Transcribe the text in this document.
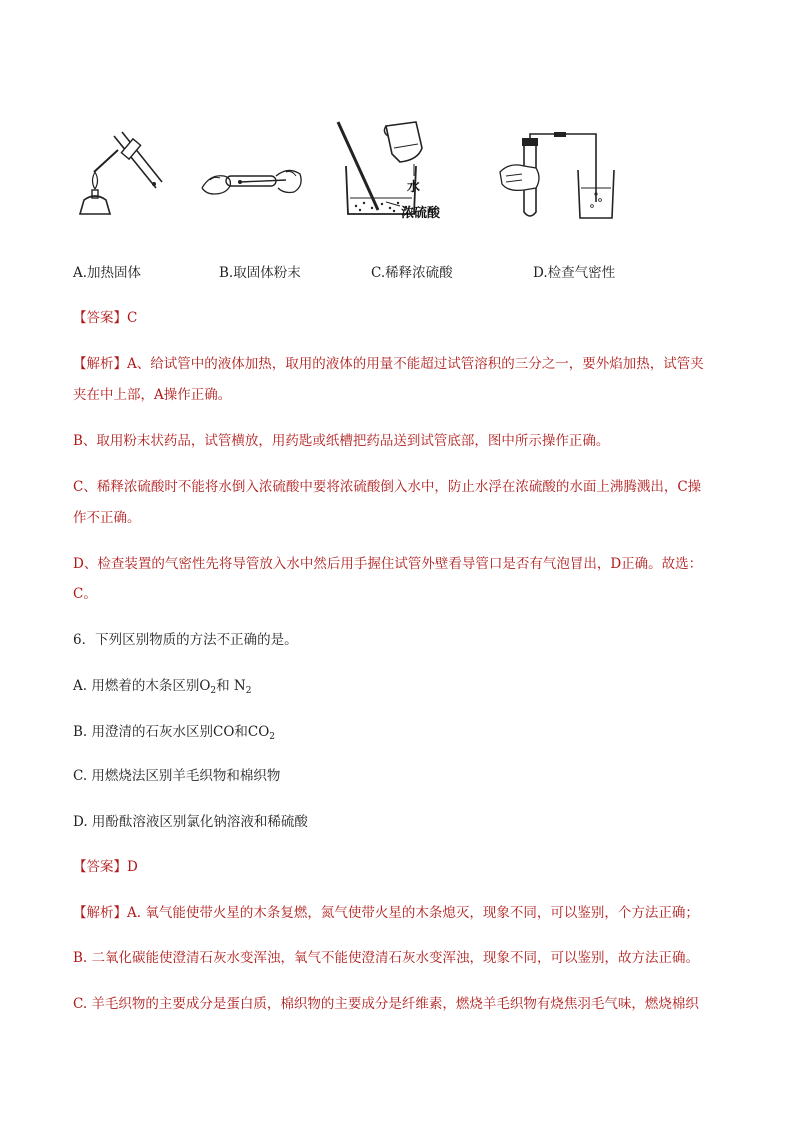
水
浓硫酸
A.加热固体	B.取固体粉末	C.稀释浓硫酸	D.检查气密性
【答案】C
【解析】A、给试管中的液体加热，取用的液体的用量不能超过试管溶积的三分之一，要外焰加热，试管夹
夹在中上部，A操作正确。
B、取用粉末状药品，试管横放，用药匙或纸槽把药品送到试管底部，图中所示操作正确。
C、稀释浓硫酸时不能将水倒入浓硫酸中要将浓硫酸倒入水中，防止水浮在浓硫酸的水面上沸腾溅出，C操
作不正确。
D、检查装置的气密性先将导管放入水中然后用手握住试管外壁看导管口是否有气泡冒出，D正确。故选：
C。
6．下列区别物质的方法不正确的是。
A. 用燃着的木条区别$O_2$和 $N_2$
B. 用澄清的石灰水区别CO和$CO_2$
C. 用燃烧法区别羊毛织物和棉织物
D. 用酚酞溶液区别氯化钠溶液和稀硫酸
【答案】D
【解析】A. 氧气能使带火星的木条复燃，氮气使带火星的木条熄灭，现象不同，可以鉴别，个方法正确；
B. 二氧化碳能使澄清石灰水变浑浊，氧气不能使澄清石灰水变浑浊，现象不同，可以鉴别，故方法正确。
C. 羊毛织物的主要成分是蛋白质，棉织物的主要成分是纤维素，燃烧羊毛织物有烧焦羽毛气味，燃烧棉织
